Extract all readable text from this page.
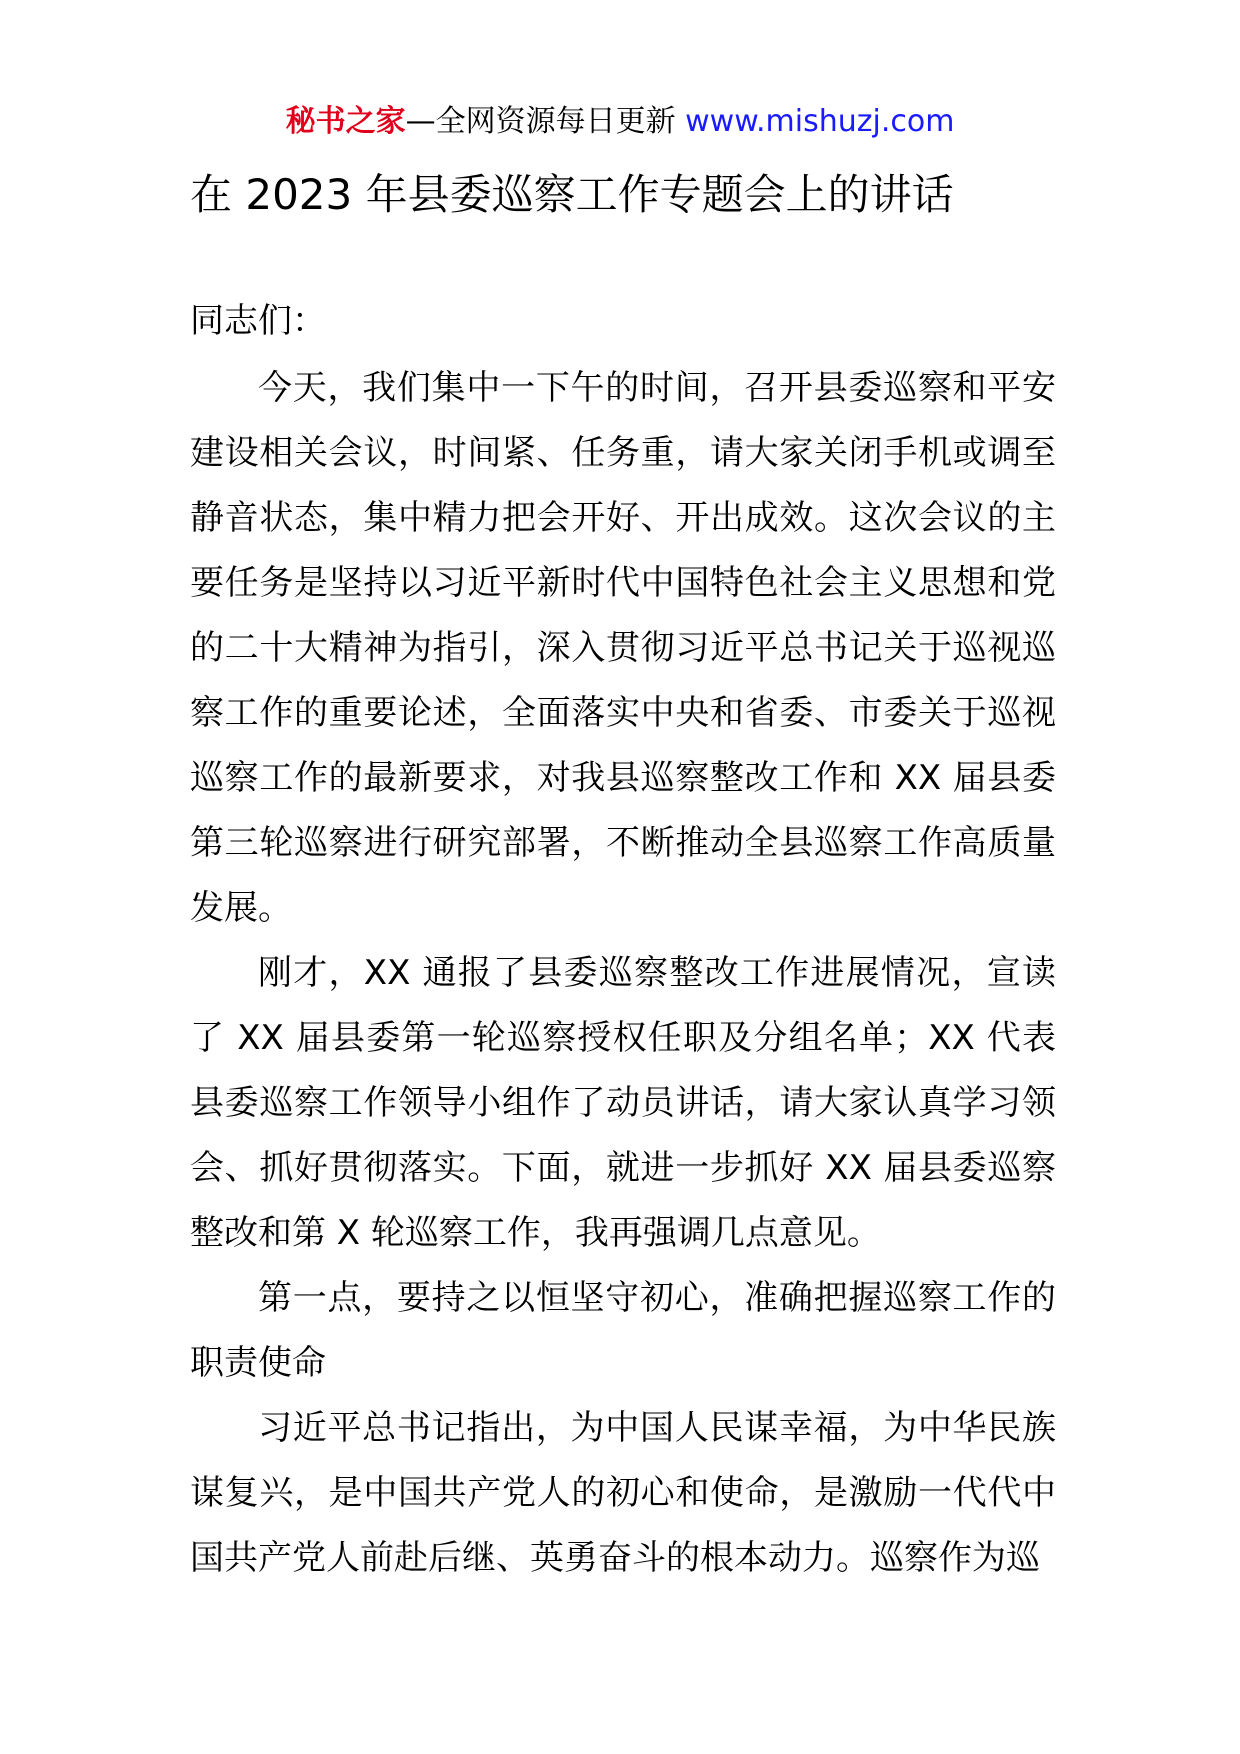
秘书之家—全网资源每日更新 www.mishuzj.com
在 2023 年县委巡察工作专题会上的讲话
同志们：

今天，我们集中一下午的时间，召开县委巡察和平安建设相关会议，时间紧、任务重，请大家关闭手机或调至静音状态，集中精力把会开好、开出成效。这次会议的主要任务是坚持以习近平新时代中国特色社会主义思想和党的二十大精神为指引，深入贯彻习近平总书记关于巡视巡察工作的重要论述，全面落实中央和省委、市委关于巡视巡察工作的最新要求，对我县巡察整改工作和 XX 届县委第三轮巡察进行研究部署，不断推动全县巡察工作高质量发展。

刚才，XX 通报了县委巡察整改工作进展情况，宣读了 XX 届县委第一轮巡察授权任职及分组名单；XX 代表县委巡察工作领导小组作了动员讲话，请大家认真学习领会、抓好贯彻落实。下面，就进一步抓好 XX 届县委巡察整改和第 X 轮巡察工作，我再强调几点意见。

第一点，要持之以恒坚守初心，准确把握巡察工作的职责使命

习近平总书记指出，为中国人民谋幸福，为中华民族谋复兴，是中国共产党人的初心和使命，是激励一代代中国共产党人前赴后继、英勇奋斗的根本动力。巡察作为巡
